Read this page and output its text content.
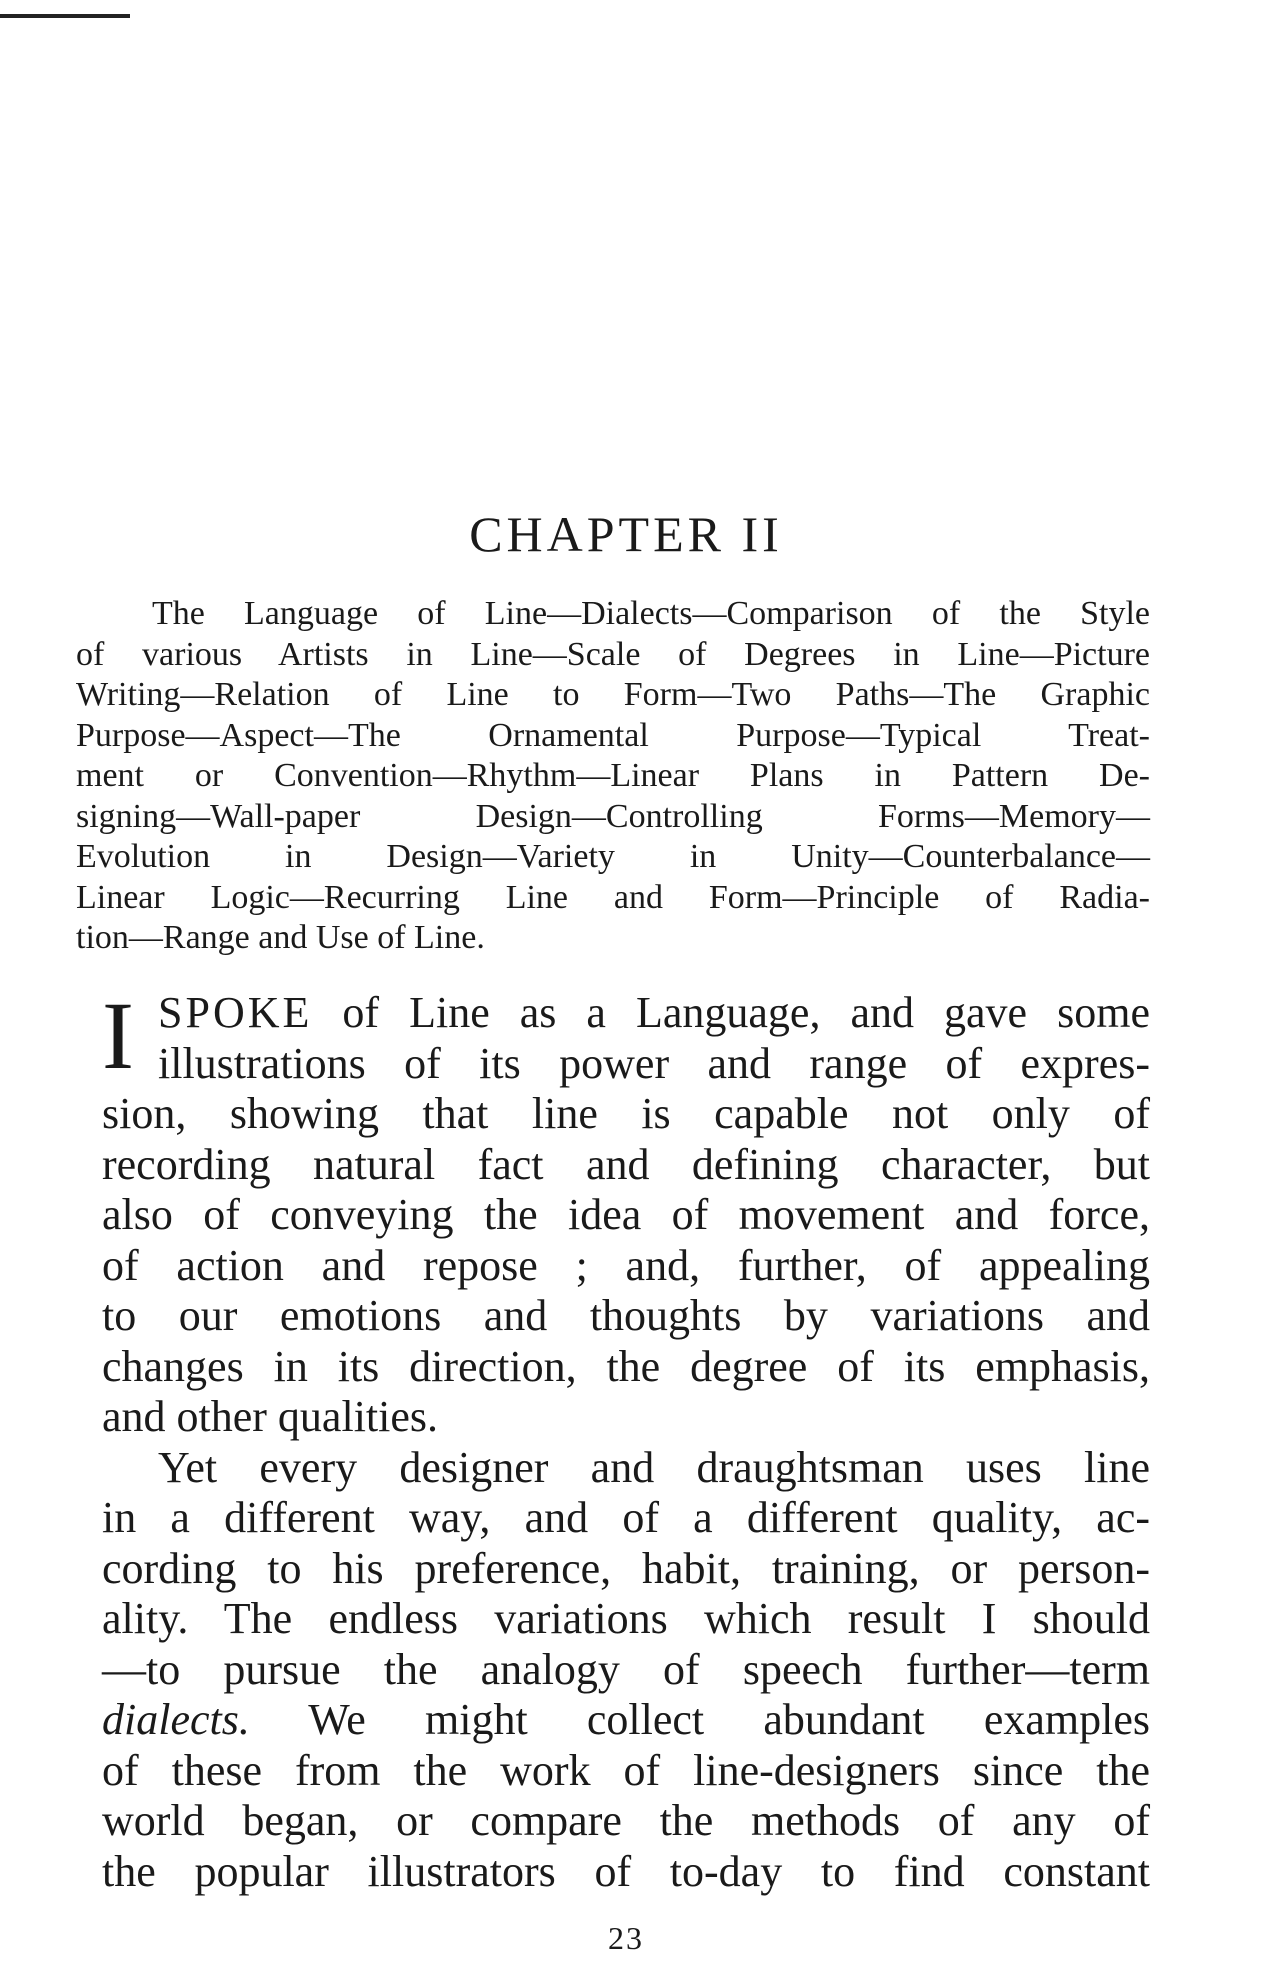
CHAPTER II

The Language of Line—Dialects—Comparison of the Style
of various Artists in Line—Scale of Degrees in Line—Picture
Writing—Relation of Line to Form—Two Paths—The Graphic
Purpose—Aspect—The Ornamental Purpose—Typical Treat-
ment or Convention—Rhythm—Linear Plans in Pattern De-
signing—Wall-paper Design—Controlling Forms—Memory—
Evolution in Design—Variety in Unity—Counterbalance—
Linear Logic—Recurring Line and Form—Principle of Radia-
tion—Range and Use of Line.

I SPOKE of Line as a Language, and gave some
illustrations of its power and range of expres-
sion, showing that line is capable not only of
recording natural fact and defining character, but
also of conveying the idea of movement and force,
of action and repose ; and, further, of appealing
to our emotions and thoughts by variations and
changes in its direction, the degree of its emphasis,
and other qualities.
Yet every designer and draughtsman uses line
in a different way, and of a different quality, ac-
cording to his preference, habit, training, or person-
ality. The endless variations which result I should
—to pursue the analogy of speech further—term
dialects. We might collect abundant examples
of these from the work of line-designers since the
world began, or compare the methods of any of
the popular illustrators of to-day to find constant
23
